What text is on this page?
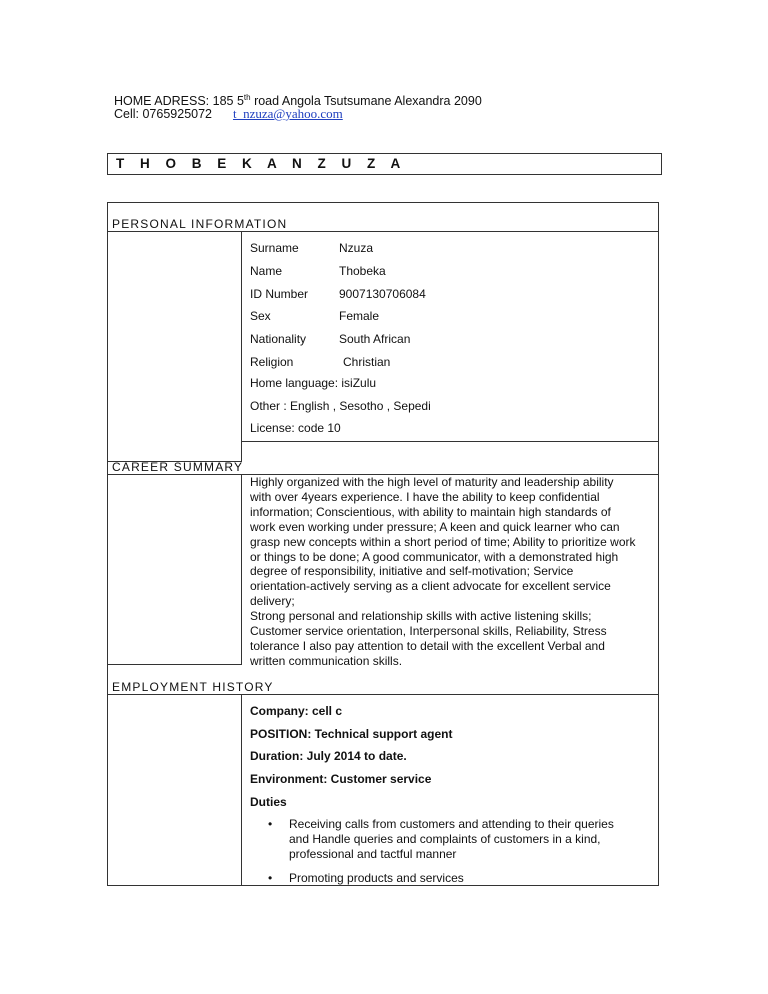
HOME ADRESS: 185 5th road Angola Tsutsumane Alexandra 2090
Cell: 0765925072 t_nzuza@yahoo.com
T H O B E K A N Z U Z A
PERSONAL INFORMATION
Surname	Nzuza
Name	Thobeka
ID Number	9007130706084
Sex	Female
Nationality	South African
Religion	Christian
Home language: isiZulu
Other : English , Sesotho , Sepedi
License: code 10
CAREER SUMMARY
Highly organized with the high level of maturity and leadership ability
with over 4years experience. I have the ability to keep confidential
information; Conscientious, with ability to maintain high standards of
work even working under pressure; A keen and quick learner who can
grasp new concepts within a short period of time; Ability to prioritize work
or things to be done; A good communicator, with a demonstrated high
degree of responsibility, initiative and self-motivation; Service
orientation-actively serving as a client advocate for excellent service
delivery;
Strong personal and relationship skills with active listening skills;
Customer service orientation, Interpersonal skills, Reliability, Stress
tolerance I also pay attention to detail with the excellent Verbal and
written communication skills.
EMPLOYMENT HISTORY
Company: cell c
POSITION: Technical support agent
Duration: July 2014 to date.
Environment: Customer service
Duties
• Receiving calls from customers and attending to their queries
and Handle queries and complaints of customers in a kind,
professional and tactful manner
• Promoting products and services
